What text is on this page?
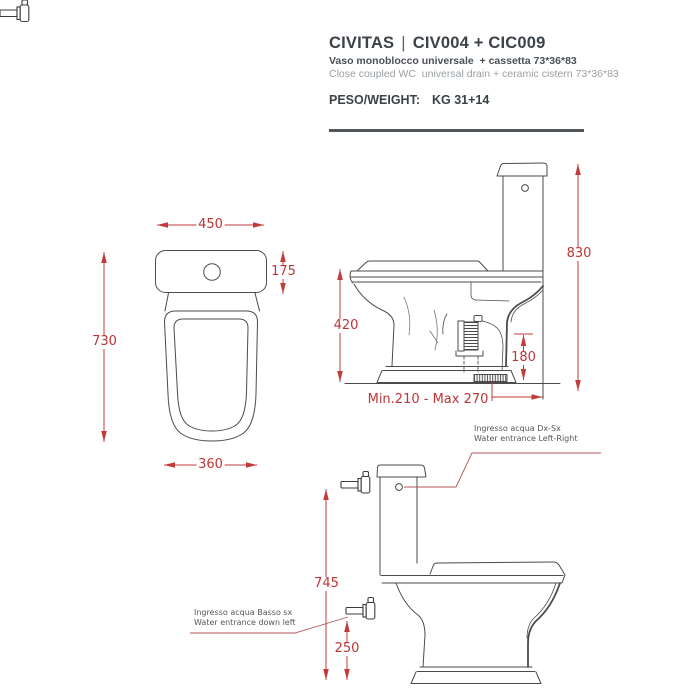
CIVITAS | CIV004 + CIC009
Vaso monoblocco universale  + cassetta 73*36*83
Close coupled WC  universal drain + ceramic cistern 73*36*83
PESO/WEIGHT: KG 31+14
450
175
730
360
830
420
180
Min.210 - Max 270
745
250
Ingresso acqua Dx-Sx
Water entrance Left-Right
Ingresso acqua Basso sx
Water entrance down left
